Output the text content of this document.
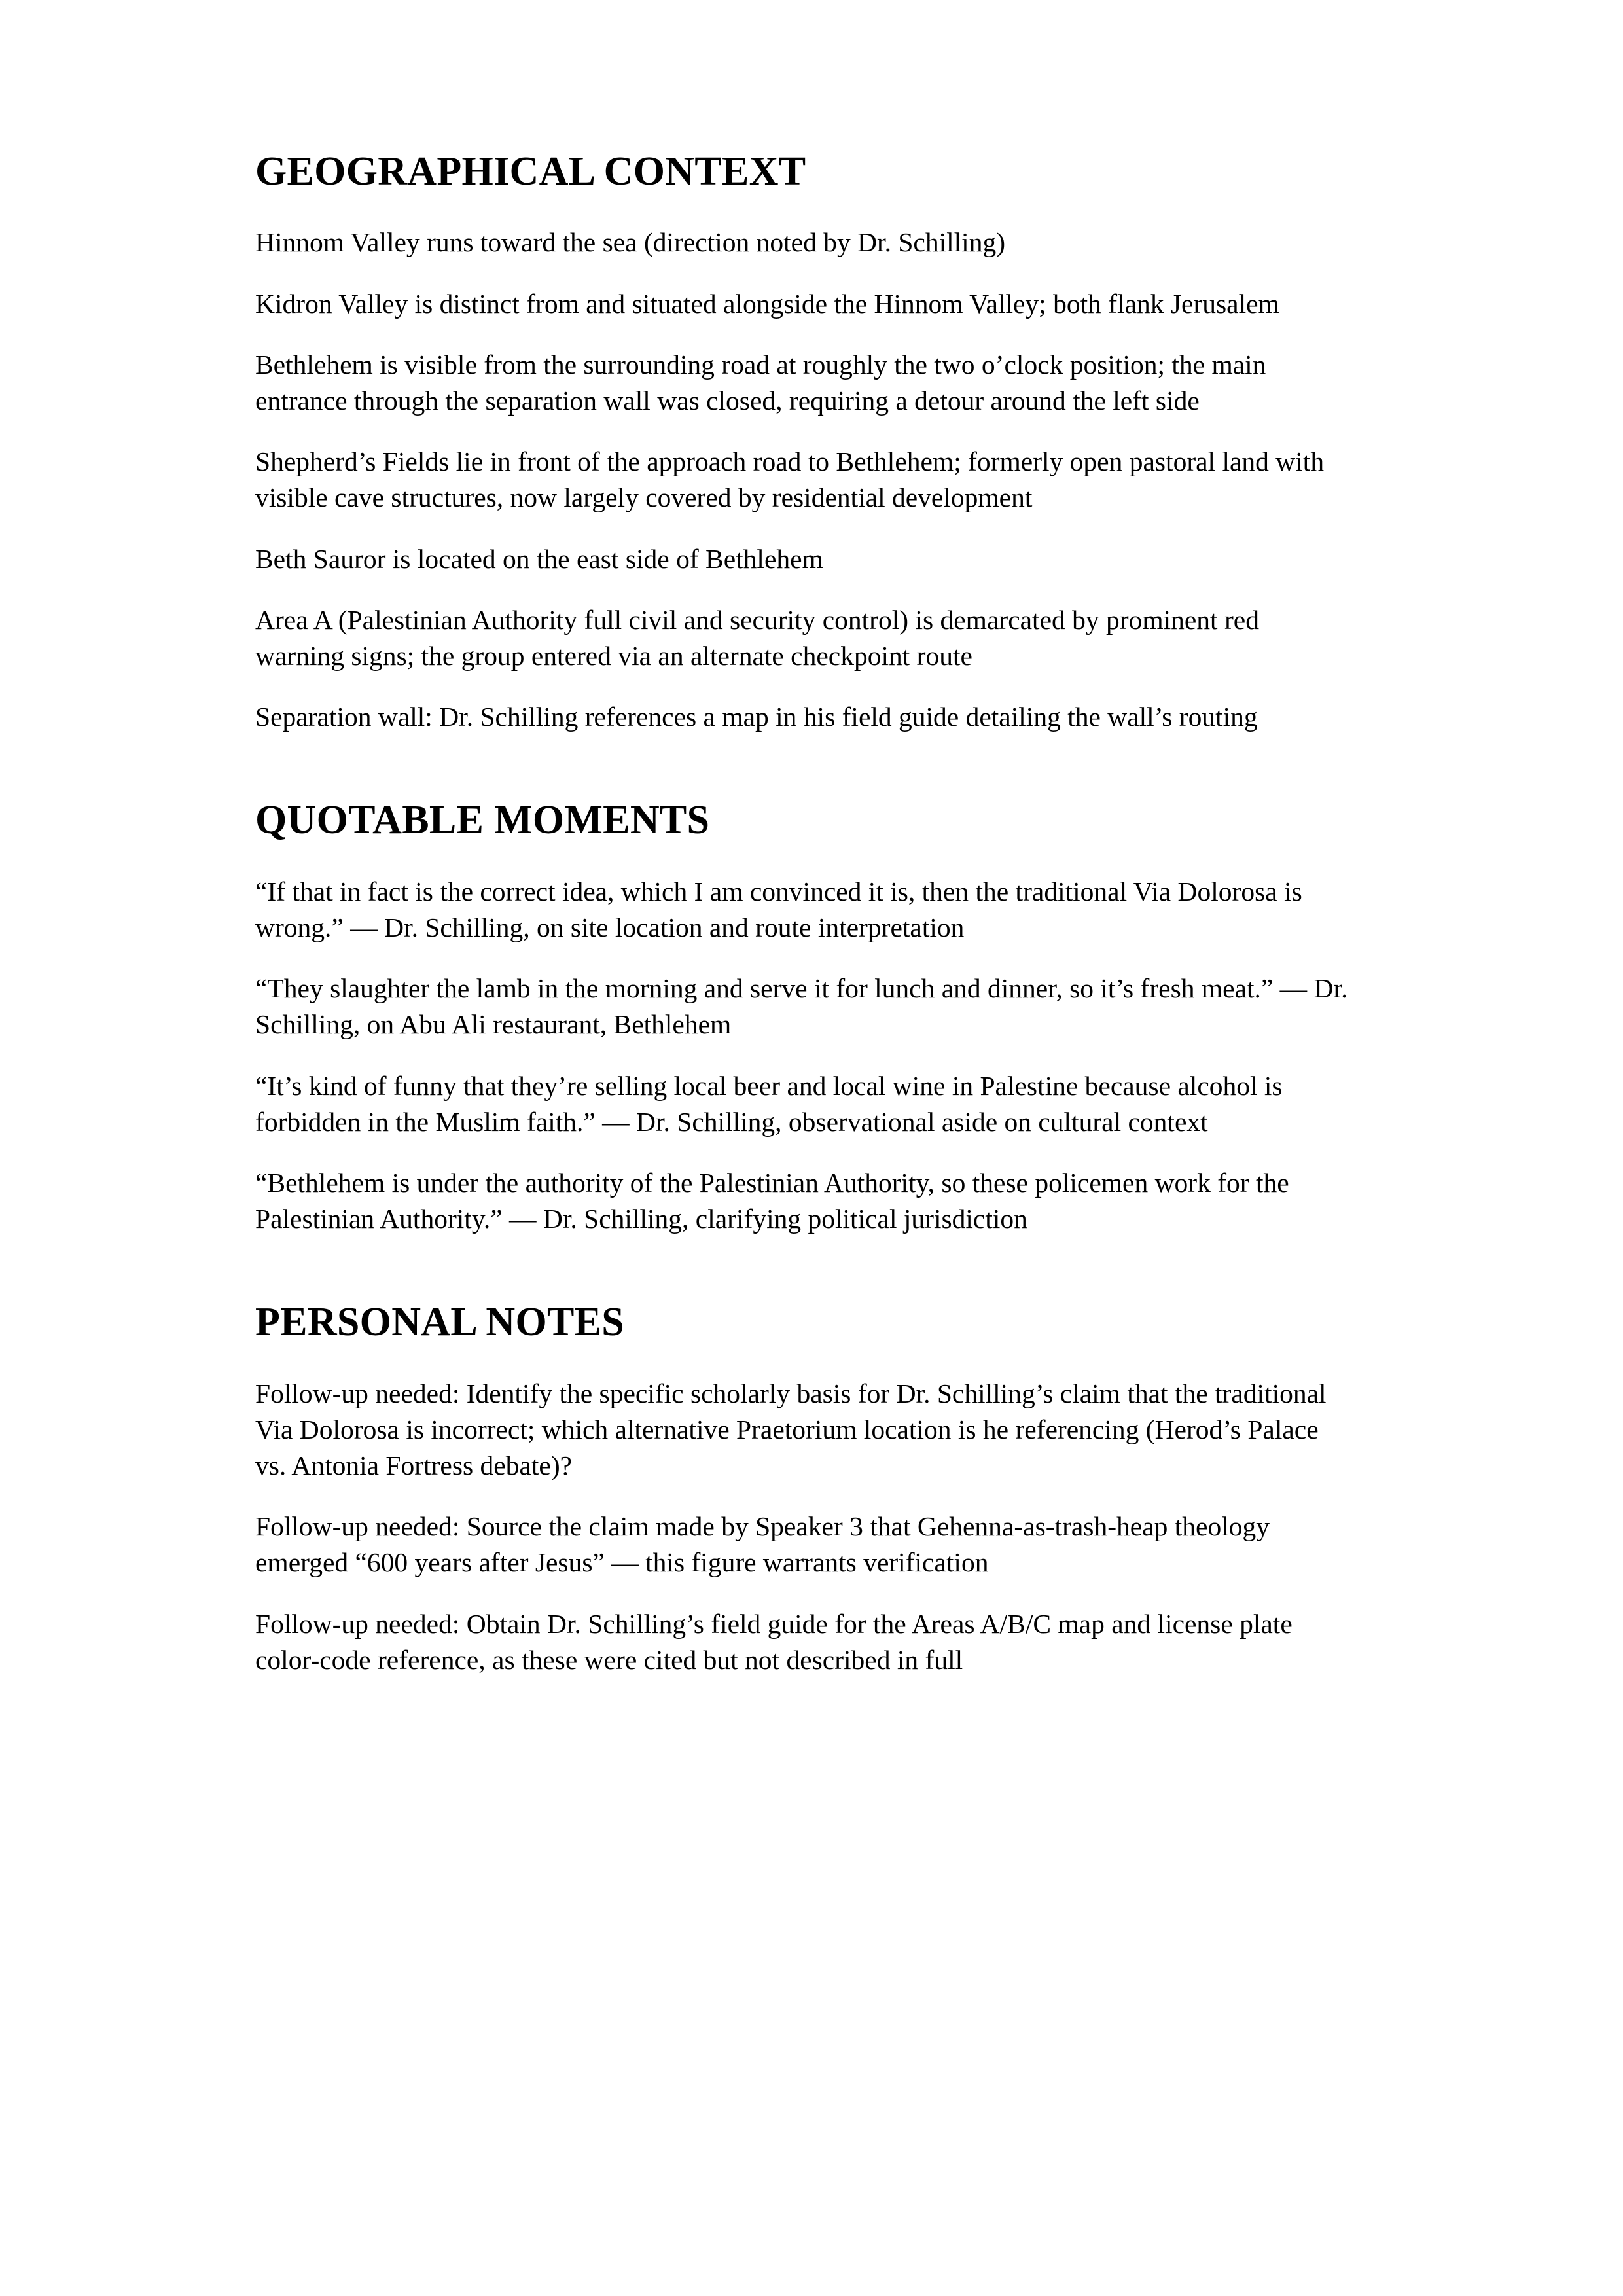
GEOGRAPHICAL CONTEXT

Hinnom Valley runs toward the sea (direction noted by Dr. Schilling)

Kidron Valley is distinct from and situated alongside the Hinnom Valley; both flank Jerusalem

Bethlehem is visible from the surrounding road at roughly the two o’clock position; the main entrance through the separation wall was closed, requiring a detour around the left side

Shepherd’s Fields lie in front of the approach road to Bethlehem; formerly open pastoral land with visible cave structures, now largely covered by residential development

Beth Sauror is located on the east side of Bethlehem

Area A (Palestinian Authority full civil and security control) is demarcated by prominent red warning signs; the group entered via an alternate checkpoint route

Separation wall: Dr. Schilling references a map in his field guide detailing the wall’s routing

QUOTABLE MOMENTS

“If that in fact is the correct idea, which I am convinced it is, then the traditional Via Dolorosa is wrong.” — Dr. Schilling, on site location and route interpretation

“They slaughter the lamb in the morning and serve it for lunch and dinner, so it’s fresh meat.” — Dr. Schilling, on Abu Ali restaurant, Bethlehem

“It’s kind of funny that they’re selling local beer and local wine in Palestine because alcohol is forbidden in the Muslim faith.” — Dr. Schilling, observational aside on cultural context

“Bethlehem is under the authority of the Palestinian Authority, so these policemen work for the Palestinian Authority.” — Dr. Schilling, clarifying political jurisdiction

PERSONAL NOTES

Follow-up needed: Identify the specific scholarly basis for Dr. Schilling’s claim that the traditional Via Dolorosa is incorrect; which alternative Praetorium location is he referencing (Herod’s Palace vs. Antonia Fortress debate)?

Follow-up needed: Source the claim made by Speaker 3 that Gehenna-as-trash-heap theology emerged “600 years after Jesus” — this figure warrants verification

Follow-up needed: Obtain Dr. Schilling’s field guide for the Areas A/B/C map and license plate color-code reference, as these were cited but not described in full
